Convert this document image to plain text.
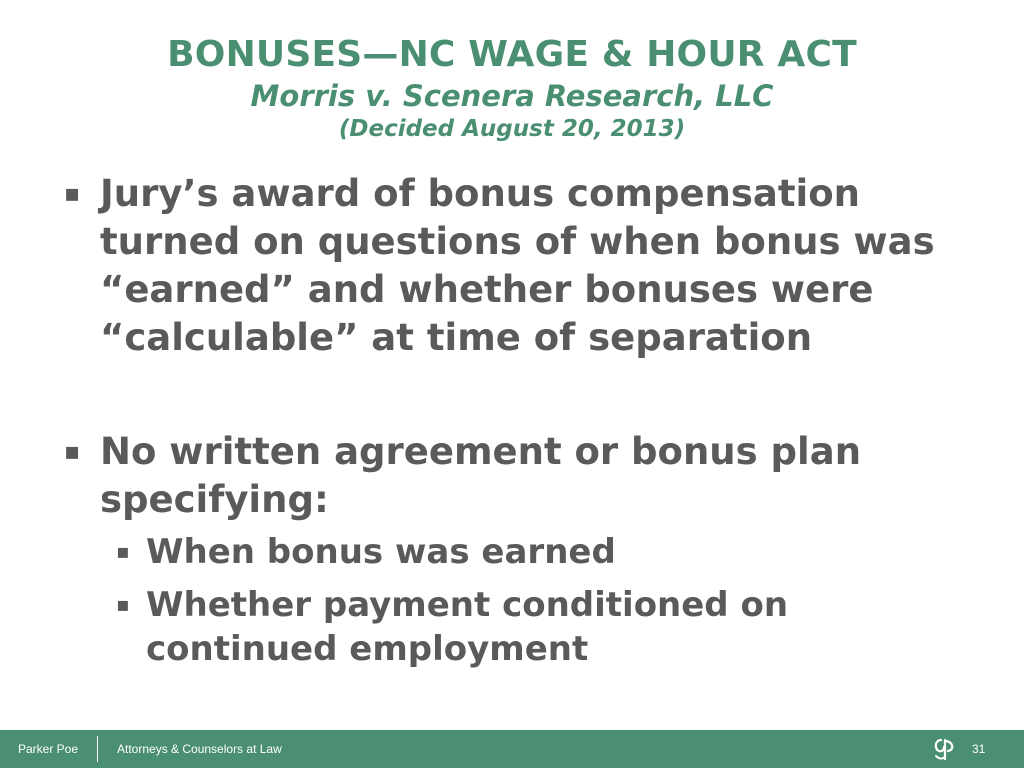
BONUSES—NC WAGE & HOUR ACT
Morris v. Scenera Research, LLC
(Decided August 20, 2013)
▪ Jury’s award of bonus compensation turned on questions of when bonus was “earned” and whether bonuses were “calculable” at time of separation
▪ No written agreement or bonus plan specifying:
▪ When bonus was earned
▪ Whether payment conditioned on continued employment
Parker Poe	Attorneys & Counselors at Law	31
